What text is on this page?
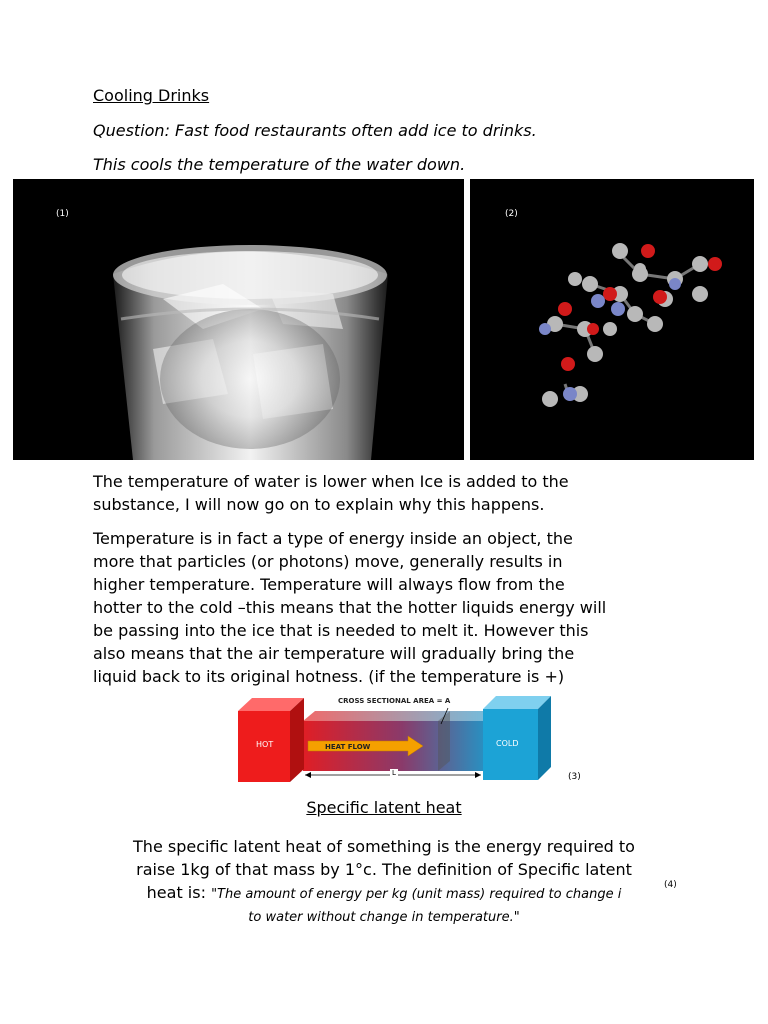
Cooling Drinks
Question: Fast food restaurants often add ice to drinks.
This cools the temperature of the water down.
(1)	(2)
The temperature of water is lower when Ice is added to the
substance, I will now go on to explain why this happens.
Temperature is in fact a type of energy inside an object, the
more that particles (or photons) move, generally results in
higher temperature. Temperature will always flow from the
hotter to the cold –this means that the hotter liquids energy will
be passing into the ice that is needed to melt it. However this
also means that the air temperature will gradually bring the
liquid back to its original hotness. (if the temperature is +)
HOT	COLD
HEAT FLOW
CROSS SECTIONAL AREA = A
L	(3)
Specific latent heat
The specific latent heat of something is the energy required to
raise 1kg of that mass by 1°c. The definition of Specific latent
heat is: "The amount of energy per kg (unit mass) required to change i
to water without change in temperature."
(4)
